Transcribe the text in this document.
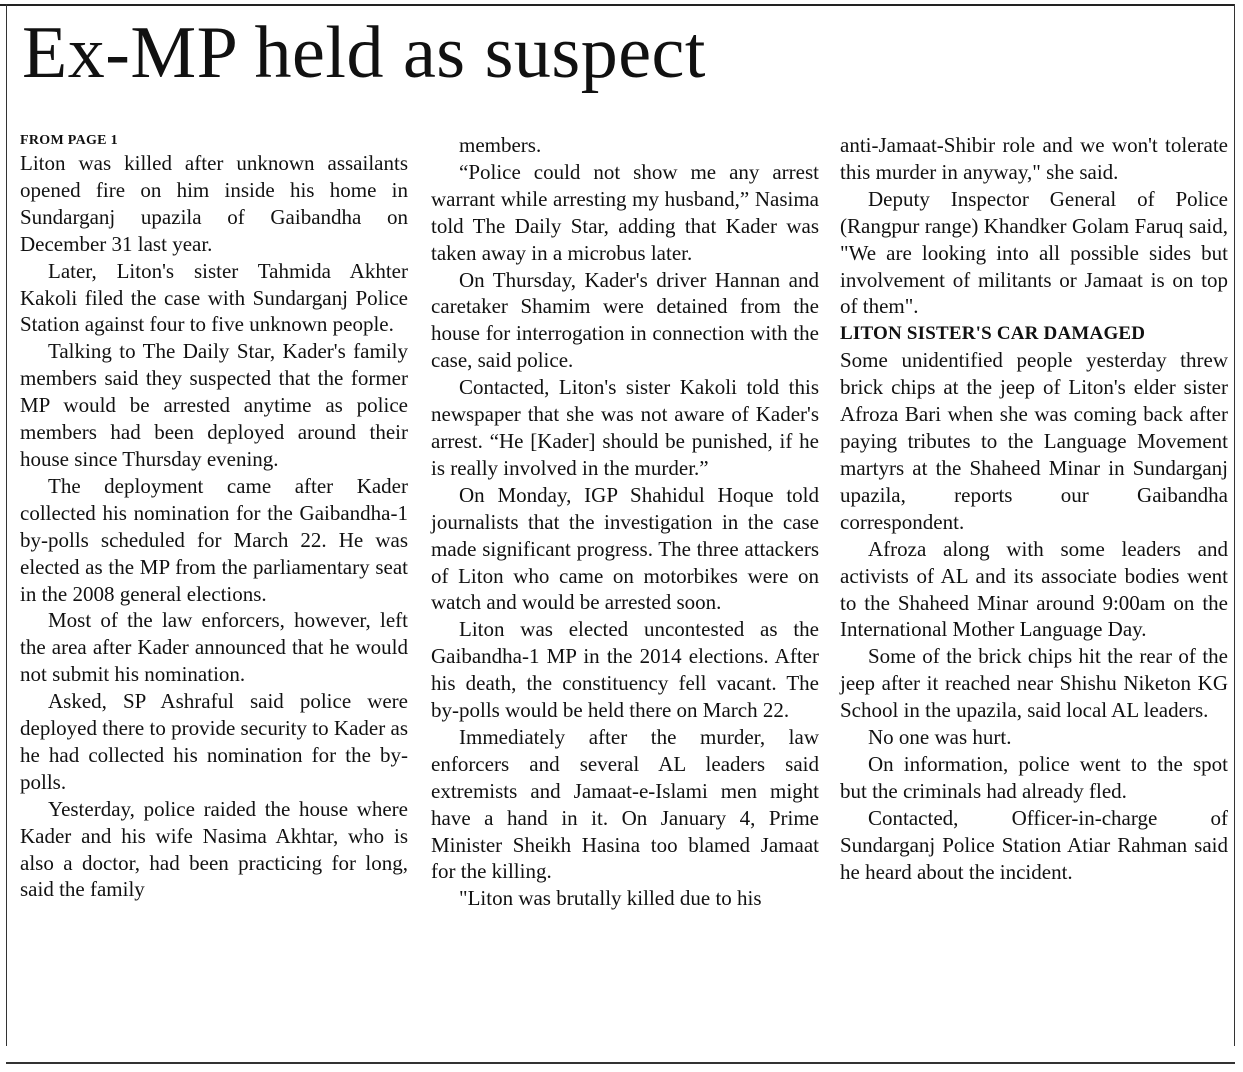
Ex-MP held as suspect
FROM PAGE 1

Liton was killed after unknown assailants opened fire on him inside his home in Sundarganj upazila of Gaibandha on December 31 last year.

Later, Liton's sister Tahmida Akhter Kakoli filed the case with Sundarganj Police Station against four to five unknown people.

Talking to The Daily Star, Kader's family members said they suspected that the former MP would be arrested anytime as police members had been deployed around their house since Thursday evening.

The deployment came after Kader collected his nomination for the Gaibandha-1 by-polls scheduled for March 22. He was elected as the MP from the parliamentary seat in the 2008 general elections.

Most of the law enforcers, however, left the area after Kader announced that he would not submit his nomination.

Asked, SP Ashraful said police were deployed there to provide security to Kader as he had collected his nomination for the by-polls.

Yesterday, police raided the house where Kader and his wife Nasima Akhtar, who is also a doctor, had been practicing for long, said the family

members.

“Police could not show me any arrest warrant while arresting my husband,” Nasima told The Daily Star, adding that Kader was taken away in a microbus later.

On Thursday, Kader's driver Hannan and caretaker Shamim were detained from the house for interrogation in connection with the case, said police.

Contacted, Liton's sister Kakoli told this newspaper that she was not aware of Kader's arrest. “He [Kader] should be punished, if he is really involved in the murder.”

On Monday, IGP Shahidul Hoque told journalists that the investigation in the case made significant progress. The three attackers of Liton who came on motorbikes were on watch and would be arrested soon.

Liton was elected uncontested as the Gaibandha-1 MP in the 2014 elections. After his death, the constituency fell vacant. The by-polls would be held there on March 22.

Immediately after the murder, law enforcers and several AL leaders said extremists and Jamaat-e-Islami men might have a hand in it. On January 4, Prime Minister Sheikh Hasina too blamed Jamaat for the killing.

"Liton was brutally killed due to his

anti-Jamaat-Shibir role and we won't tolerate this murder in anyway," she said.

Deputy Inspector General of Police (Rangpur range) Khandker Golam Faruq said, "We are looking into all possible sides but involvement of militants or Jamaat is on top of them".

LITON SISTER'S CAR DAMAGED

Some unidentified people yesterday threw brick chips at the jeep of Liton's elder sister Afroza Bari when she was coming back after paying tributes to the Language Movement martyrs at the Shaheed Minar in Sundarganj upazila, reports our Gaibandha correspondent.

Afroza along with some leaders and activists of AL and its associate bodies went to the Shaheed Minar around 9:00am on the International Mother Language Day.

Some of the brick chips hit the rear of the jeep after it reached near Shishu Niketon KG School in the upazila, said local AL leaders.

No one was hurt.

On information, police went to the spot but the criminals had already fled.

Contacted, Officer-in-charge of Sundarganj Police Station Atiar Rahman said he heard about the incident.
